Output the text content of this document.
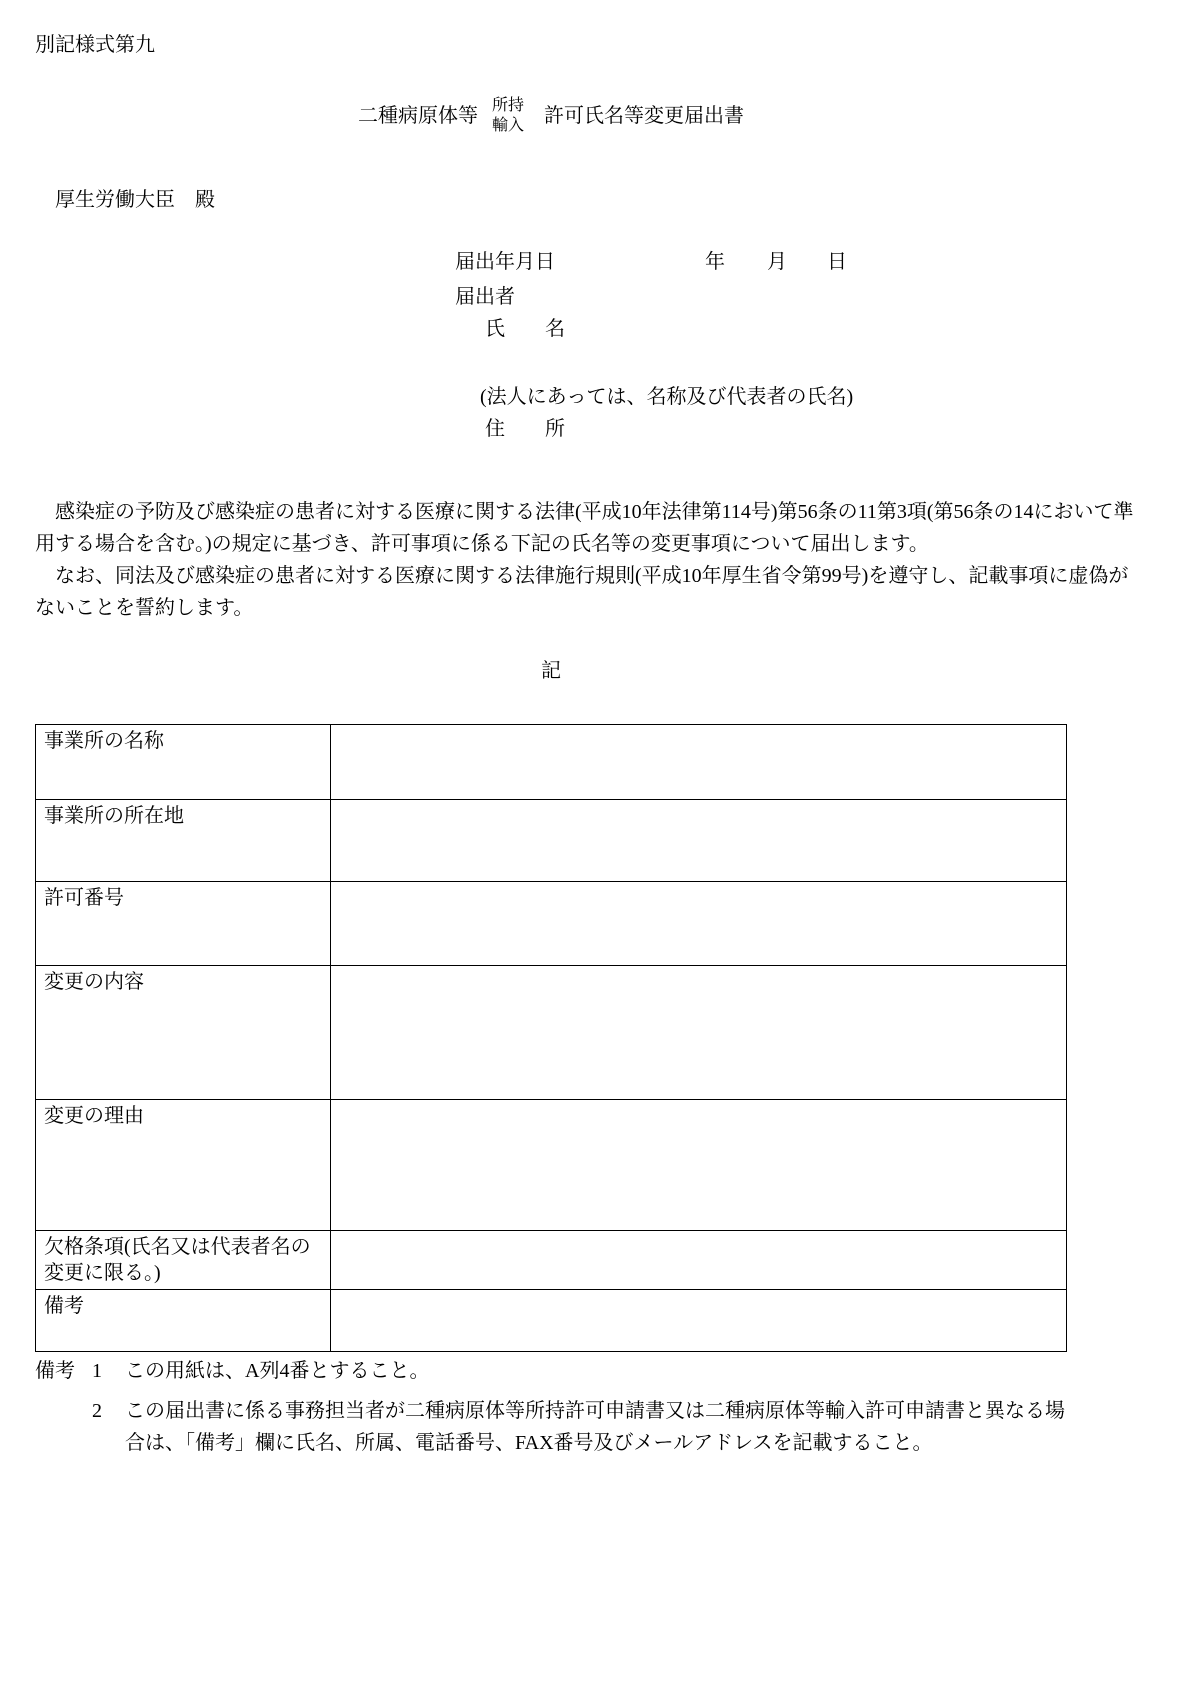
別記様式第九
二種病原体等 所持
輸入 許可氏名等変更届出書
厚生労働大臣　殿
届出年月日	年 月 日
届出者
氏　　名
(法人にあっては、名称及び代表者の氏名)
住　　所

　感染症の予防及び感染症の患者に対する医療に関する法律(平成10年法律第114号)第56条の11第3項(第56条の14において準用する場合を含む。)の規定に基づき、許可事項に係る下記の氏名等の変更事項について届出します。

　なお、同法及び感染症の患者に対する医療に関する法律施行規則(平成10年厚生省令第99号)を遵守し、記載事項に虚偽がないことを誓約します。

記
事業所の名称	
事業所の所在地	
許可番号	
変更の内容	
変更の理由	
欠格条項(氏名又は代表者名の変更に限る。)	
備考	
備考 1	この用紙は、A列4番とすること。
2	この届出書に係る事務担当者が二種病原体等所持許可申請書又は二種病原体等輸入許可申請書と異なる場合は、「備考」欄に氏名、所属、電話番号、FAX番号及びメールアドレスを記載すること。
